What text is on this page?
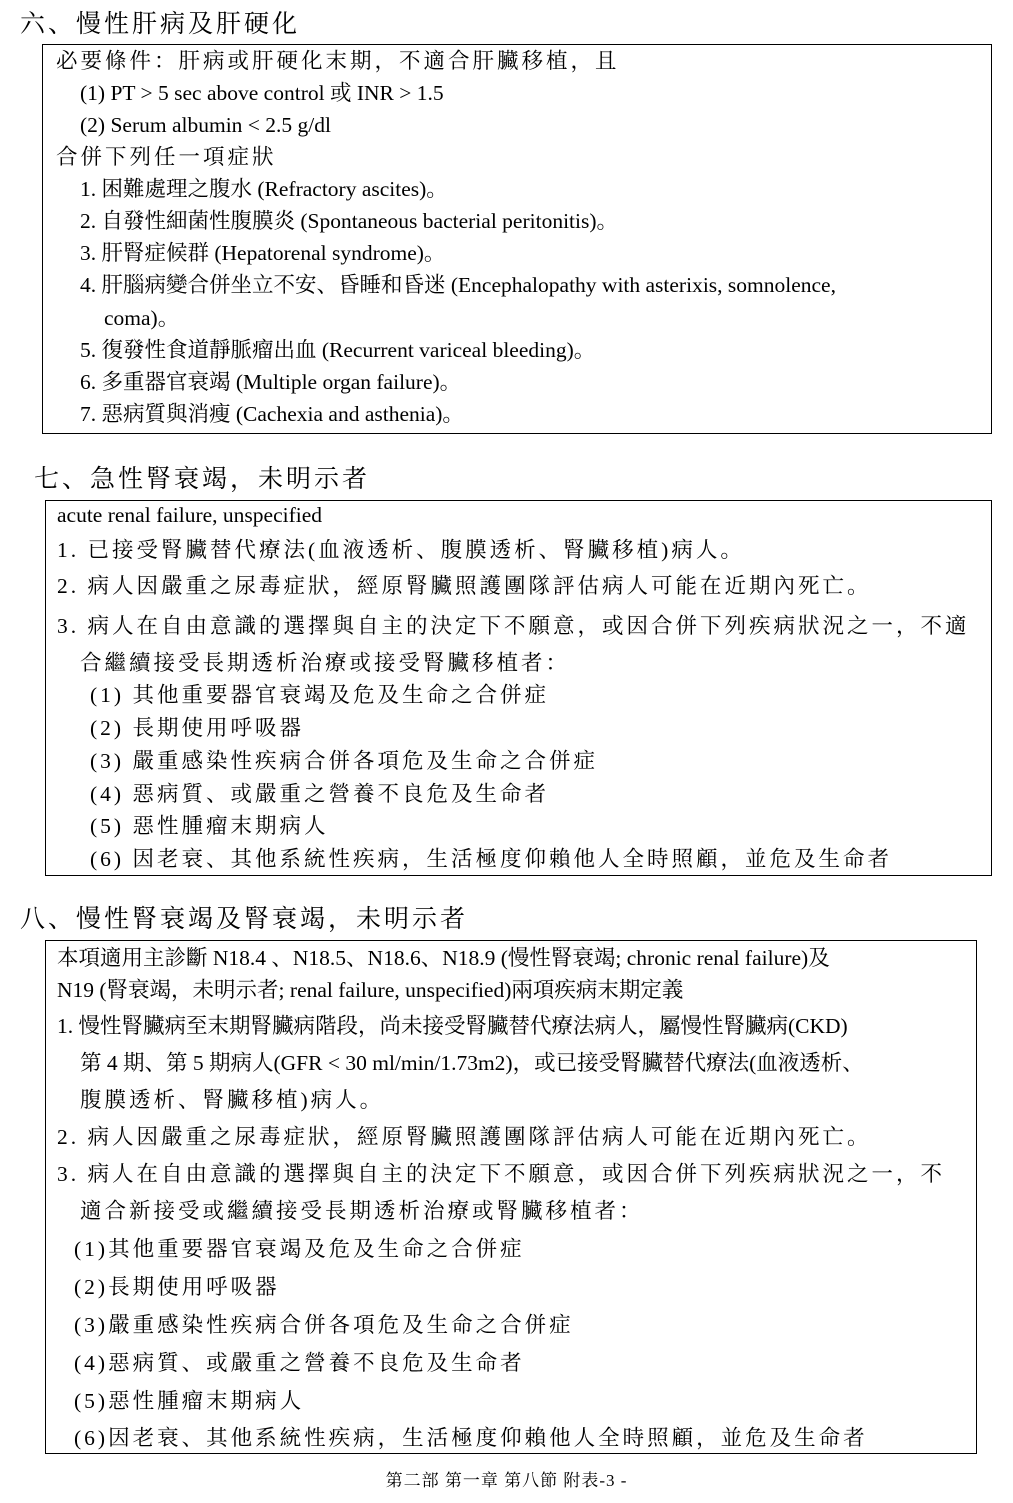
六、慢性肝病及肝硬化
必要條件：肝病或肝硬化末期，不適合肝臟移植，且
(1) PT > 5 sec above control 或 INR > 1.5
(2) Serum albumin < 2.5 g/dl
合併下列任一項症狀
1. 困難處理之腹水 (Refractory ascites)。
2. 自發性細菌性腹膜炎 (Spontaneous bacterial peritonitis)。
3. 肝腎症候群 (Hepatorenal syndrome)。
4. 肝腦病變合併坐立不安、昏睡和昏迷 (Encephalopathy with asterixis, somnolence,
coma)。
5. 復發性食道靜脈瘤出血 (Recurrent variceal bleeding)。
6. 多重器官衰竭 (Multiple organ failure)。
7. 惡病質與消瘦 (Cachexia and asthenia)。
七、急性腎衰竭，未明示者
acute renal failure, unspecified
1. 已接受腎臟替代療法(血液透析、腹膜透析、腎臟移植)病人。
2. 病人因嚴重之尿毒症狀，經原腎臟照護團隊評估病人可能在近期內死亡。
3. 病人在自由意識的選擇與自主的決定下不願意，或因合併下列疾病狀況之一，不適
合繼續接受長期透析治療或接受腎臟移植者：
(1) 其他重要器官衰竭及危及生命之合併症
(2) 長期使用呼吸器
(3) 嚴重感染性疾病合併各項危及生命之合併症
(4) 惡病質、或嚴重之營養不良危及生命者
(5) 惡性腫瘤末期病人
(6) 因老衰、其他系統性疾病，生活極度仰賴他人全時照顧，並危及生命者
八、慢性腎衰竭及腎衰竭，未明示者
本項適用主診斷 N18.4 、N18.5、N18.6、N18.9 (慢性腎衰竭; chronic renal failure)及
N19 (腎衰竭，未明示者; renal failure, unspecified)兩項疾病末期定義
1. 慢性腎臟病至末期腎臟病階段，尚未接受腎臟替代療法病人，屬慢性腎臟病(CKD)
第 4 期、第 5 期病人(GFR < 30 ml/min/1.73m2)，或已接受腎臟替代療法(血液透析、
腹膜透析、腎臟移植)病人。
2. 病人因嚴重之尿毒症狀，經原腎臟照護團隊評估病人可能在近期內死亡。
3. 病人在自由意識的選擇與自主的決定下不願意，或因合併下列疾病狀況之一，不
適合新接受或繼續接受長期透析治療或腎臟移植者：
(1)其他重要器官衰竭及危及生命之合併症
(2)長期使用呼吸器
(3)嚴重感染性疾病合併各項危及生命之合併症
(4)惡病質、或嚴重之營養不良危及生命者
(5)惡性腫瘤末期病人
(6)因老衰、其他系統性疾病，生活極度仰賴他人全時照顧，並危及生命者
第二部 第一章 第八節 附表-3 -
